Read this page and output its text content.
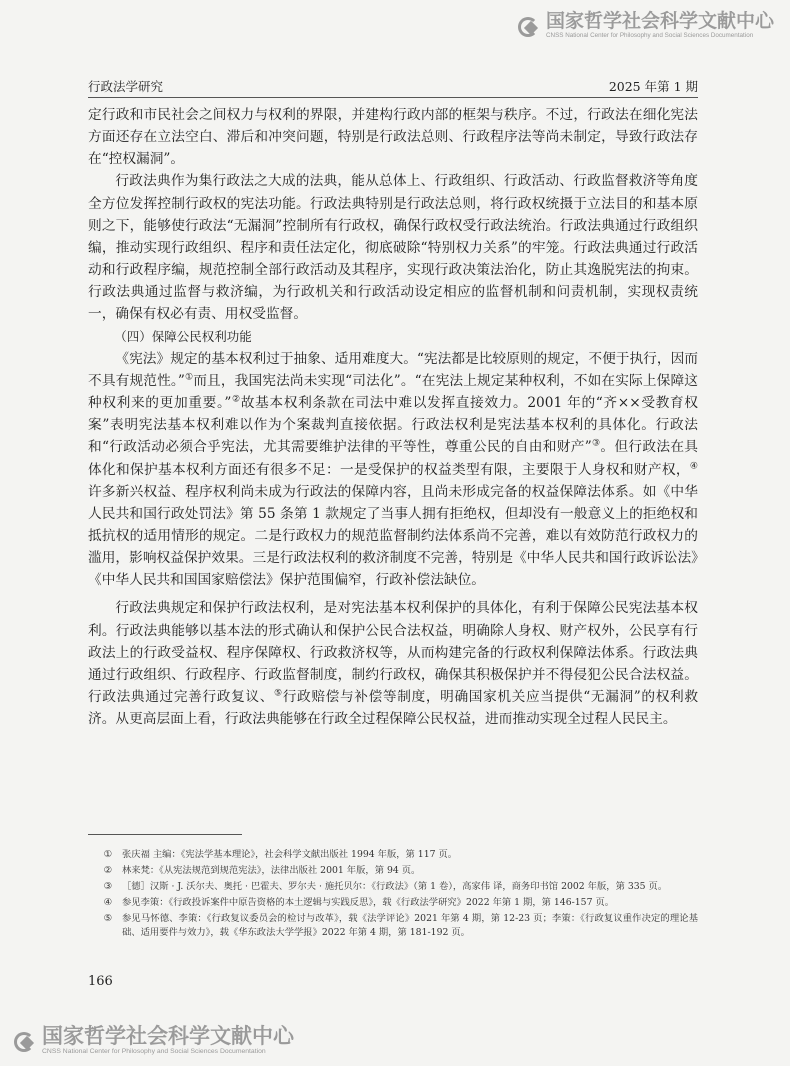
国家哲学社会科学文献中心
CNSS National Center for Philosophy and Social Sciences Documentation
行政法学研究	2025 年第 1 期

定行政和市民社会之间权力与权利的界限，并建构行政内部的框架与秩序。不过，行政法在细化宪法方面还存在立法空白、滞后和冲突问题，特别是行政法总则、行政程序法等尚未制定，导致行政法存在“控权漏洞”。

行政法典作为集行政法之大成的法典，能从总体上、行政组织、行政活动、行政监督救济等角度全方位发挥控制行政权的宪法功能。行政法典特别是行政法总则，将行政权统摄于立法目的和基本原则之下，能够使行政法“无漏洞”控制所有行政权，确保行政权受行政法统治。行政法典通过行政组织编，推动实现行政组织、程序和责任法定化，彻底破除“特别权力关系”的牢笼。行政法典通过行政活动和行政程序编，规范控制全部行政活动及其程序，实现行政决策法治化，防止其逸脱宪法的拘束。行政法典通过监督与救济编，为行政机关和行政活动设定相应的监督机制和问责机制，实现权责统一，确保有权必有责、用权受监督。

（四）保障公民权利功能

《宪法》规定的基本权利过于抽象、适用难度大。“宪法都是比较原则的规定，不便于执行，因而不具有规范性。”①而且，我国宪法尚未实现“司法化”。“在宪法上规定某种权利，不如在实际上保障这种权利来的更加重要。”②故基本权利条款在司法中难以发挥直接效力。2001 年的“齐××受教育权案”表明宪法基本权利难以作为个案裁判直接依据。行政法权利是宪法基本权利的具体化。行政法和“行政活动必须合乎宪法，尤其需要维护法律的平等性，尊重公民的自由和财产”③。但行政法在具体化和保护基本权利方面还有很多不足：一是受保护的权益类型有限，主要限于人身权和财产权，④许多新兴权益、程序权利尚未成为行政法的保障内容，且尚未形成完备的权益保障法体系。如《中华人民共和国行政处罚法》第 55 条第 1 款规定了当事人拥有拒绝权，但却没有一般意义上的拒绝权和抵抗权的适用情形的规定。二是行政权力的规范监督制约法体系尚不完善，难以有效防范行政权力的滥用，影响权益保护效果。三是行政法权利的救济制度不完善，特别是《中华人民共和国行政诉讼法》《中华人民共和国国家赔偿法》保护范围偏窄，行政补偿法缺位。

行政法典规定和保护行政法权利，是对宪法基本权利保护的具体化，有利于保障公民宪法基本权利。行政法典能够以基本法的形式确认和保护公民合法权益，明确除人身权、财产权外，公民享有行政法上的行政受益权、程序保障权、行政救济权等，从而构建完备的行政权利保障法体系。行政法典通过行政组织、行政程序、行政监督制度，制约行政权，确保其积极保护并不得侵犯公民合法权益。行政法典通过完善行政复议、⑤行政赔偿与补偿等制度，明确国家机关应当提供“无漏洞”的权利救济。从更高层面上看，行政法典能够在行政全过程保障公民权益，进而推动实现全过程人民民主。

①	张庆福 主编：《宪法学基本理论》，社会科学文献出版社 1994 年版，第 117 页。
②	林来梵：《从宪法规范到规范宪法》，法律出版社 2001 年版，第 94 页。
③	［德］汉斯 · J. 沃尔夫、奥托 · 巴霍夫、罗尔夫 · 施托贝尔：《行政法》（第 1 卷），高家伟 译，商务印书馆 2002 年版，第 335 页。
④	参见李策：《行政投诉案件中原告资格的本土逻辑与实践反思》，载《行政法学研究》2022 年第 1 期，第 146-157 页。
⑤	参见马怀德、李策：《行政复议委员会的检讨与改革》，载《法学评论》2021 年第 4 期，第 12-23 页；李策：《行政复议重作决定的理论基础、适用要件与效力》，载《华东政法大学学报》2022 年第 4 期，第 181-192 页。
166
国家哲学社会科学文献中心
CNSS National Center for Philosophy and Social Sciences Documentation
